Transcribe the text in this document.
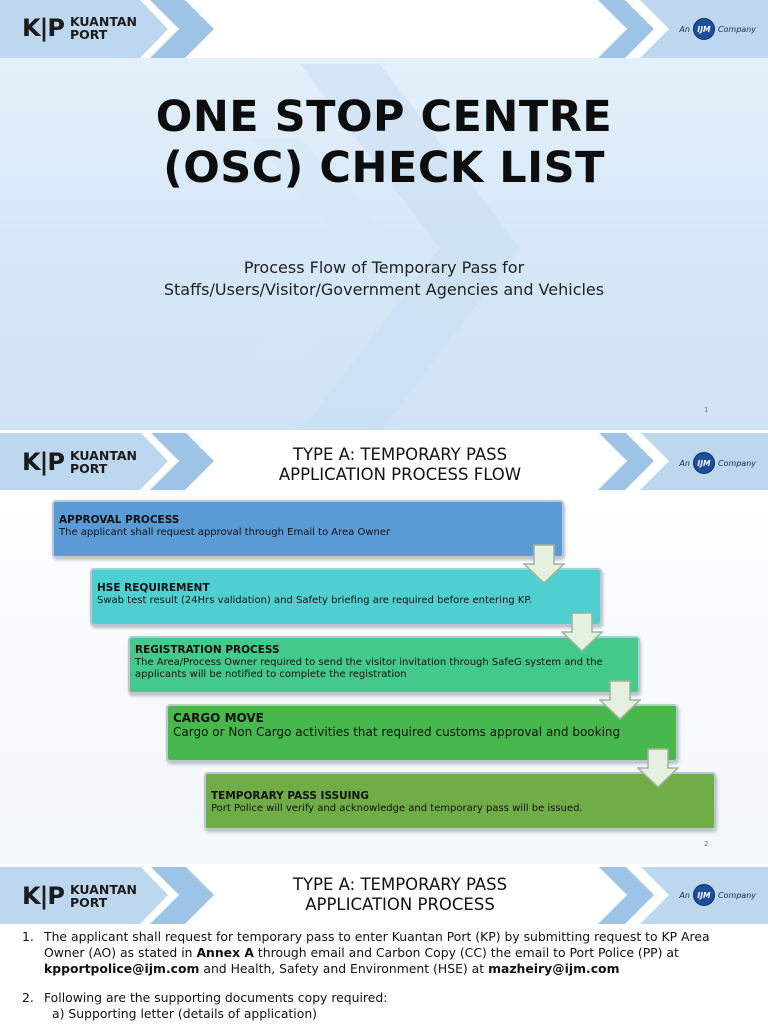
K|P KUANTAN
PORT	An IJM Company
ONE STOP CENTRE
(OSC) CHECK LIST
Process Flow of Temporary Pass for
Staffs/Users/Visitor/Government Agencies and Vehicles
1
K|P KUANTAN
PORT
TYPE A: TEMPORARY PASS
APPLICATION PROCESS FLOW
An IJM Company
APPROVAL PROCESS
The applicant shall request approval through Email to Area Owner
HSE REQUIREMENT
Swab test result (24Hrs validation) and Safety briefing are required before entering KP.
REGISTRATION PROCESS
The Area/Process Owner required to send the visitor invitation through SafeG system and the applicants will be notified to complete the registration
CARGO MOVE
Cargo or Non Cargo activities that required customs approval and booking
TEMPORARY PASS ISSUING
Port Police will verify and acknowledge and temporary pass will be issued.
2
K|P KUANTAN
PORT
TYPE A: TEMPORARY PASS
APPLICATION PROCESS	An IJM Company
1. The applicant shall request for temporary pass to enter Kuantan Port (KP) by submitting request to KP Area Owner (AO) as stated in Annex A through email and Carbon Copy (CC) the email to Port Police (PP) at kpportpolice@ijm.com and Health, Safety and Environment (HSE) at mazheiry@ijm.com
2. Following are the supporting documents copy required:
a) Supporting letter (details of application)
